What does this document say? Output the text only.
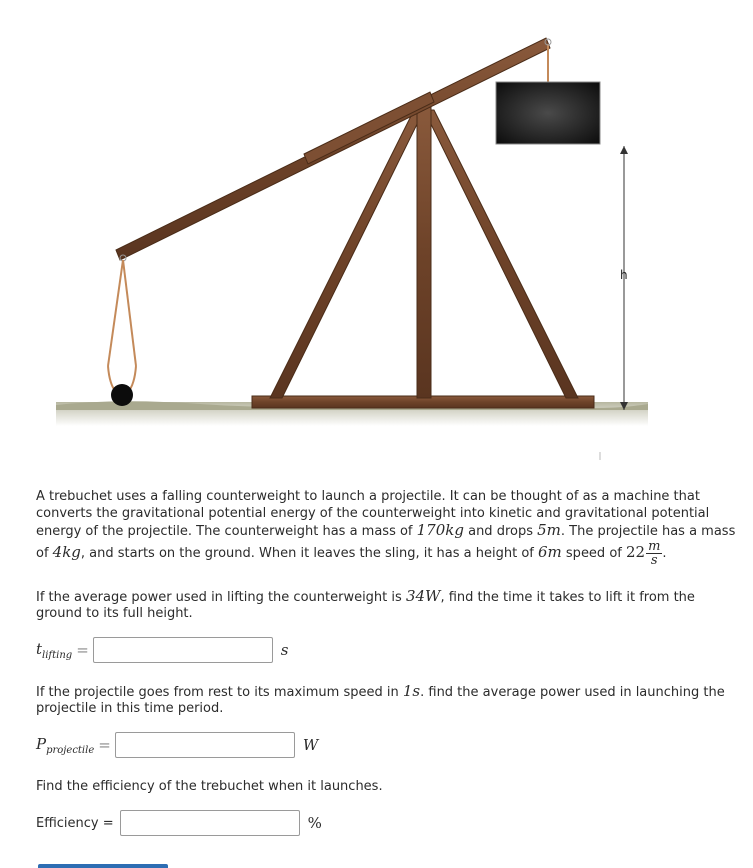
h
A trebuchet uses a falling counterweight to launch a projectile. It can be thought of as a machine that converts the gravitational potential energy of the counterweight into kinetic and gravitational potential energy of the projectile. The counterweight has a mass of 170kg and drops 5m. The projectile has a mass of 4kg, and starts on the ground. When it leaves the sling, it has a height of 6m speed of $22 \frac{m}{s}$ .
If the average power used in lifting the counterweight is 34W, find the time it takes to lift it from the ground to its full height.
$t_{lifting}$ =	s
If the projectile goes from rest to its maximum speed in 1s. find the average power used in launching the projectile in this time period.
$P_{projectile}$ =	W
Find the efficiency of the trebuchet when it launches.
Efficiency =	%
